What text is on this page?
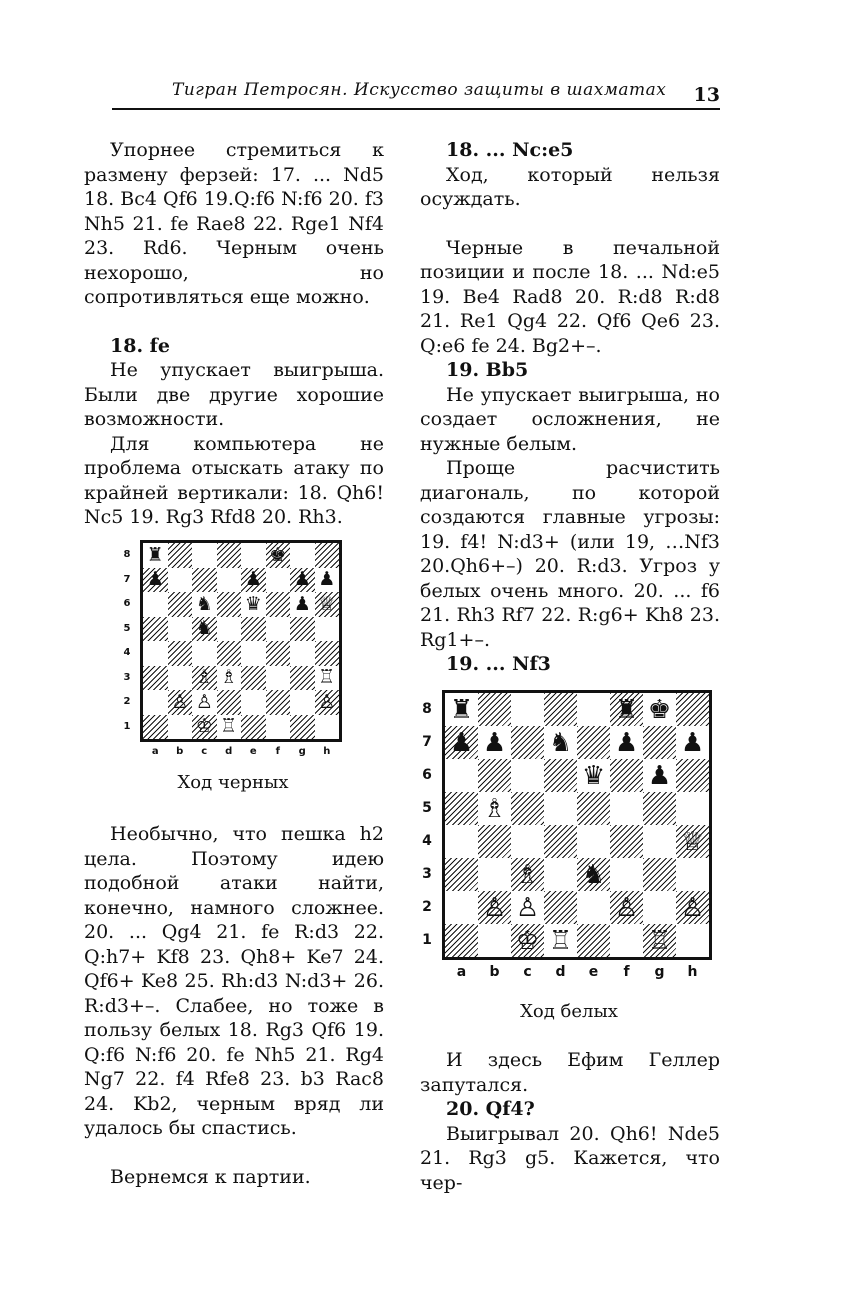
Тигран Петросян. Искусство защиты в шахматах 13

Упорнее стремиться к размену ферзей: 17. ... Nd5 18. Bc4 Qf6 19.Q:f6 N:f6 20. f3 Nh5 21. fe Rae8 22. Rge1 Nf4 23. Rd6. Черным очень нехорошо, но сопротивляться еще можно.

18. fe

Не упускает выигрыша. Были две другие хорошие возможности.

Для компьютера не проблема отыскать атаку по крайней вертикали: 18. Qh6! Nc5 19. Rg3 Rfd8 20. Rh3.

♜	♚
♟	♟ ♟ ♟
♞ ♛ ♟ ♕
♞
♗ ♗	♖
♙ ♙	♙
♔ ♖
8
7
6
5
4
3
2
1
a	b	c	d	e	f	g	h
Ход черных

Необычно, что пешка h2 цела. Поэтому идею подобной атаки найти, конечно, намного сложнее. 20. ... Qg4 21. fe R:d3 22. Q:h7+ Kf8 23. Qh8+ Ke7 24. Qf6+ Ke8 25. Rh:d3 N:d3+ 26. R:d3+–. Слабее, но тоже в пользу белых 18. Rg3 Qf6 19. Q:f6 N:f6 20. fe Nh5 21. Rg4 Ng7 22. f4 Rfe8 23. b3 Rac8 24. Kb2, черным вряд ли удалось бы спастись.

Вернемся к партии.

18. ... Nc:e5

Ход, который нельзя осуждать.

Черные в печальной позиции и после 18. ... Nd:e5 19. Be4 Rad8 20. R:d8 R:d8 21. Re1 Qg4 22. Qf6 Qe6 23. Q:e6 fe 24. Bg2+–.

19. Bb5

Не упускает выигрыша, но создает осложнения, не нужные белым.

Проще расчистить диагональ, по которой создаются главные угрозы: 19. f4! N:d3+ (или 19, …Nf3 20.Qh6+–) 20. R:d3. Угроз у белых очень много. 20. ... f6 21. Rh3 Rf7 22. R:g6+ Kh8 23. Rg1+–.

19. ... Nf3
♜	♜ ♚
♟ ♟ ♞ ♟ ♟
♛ ♟
♗
♕
♗ ♞
♙ ♙	♙ ♙
♔ ♖	♖
8
7
6
5
4
3
2
1
a	b	c	d	e	f	g	h
Ход белых

И здесь Ефим Геллер запутался.

20. Qf4?

Выигрывал 20. Qh6! Nde5 21. Rg3 g5. Кажется, что чер-
